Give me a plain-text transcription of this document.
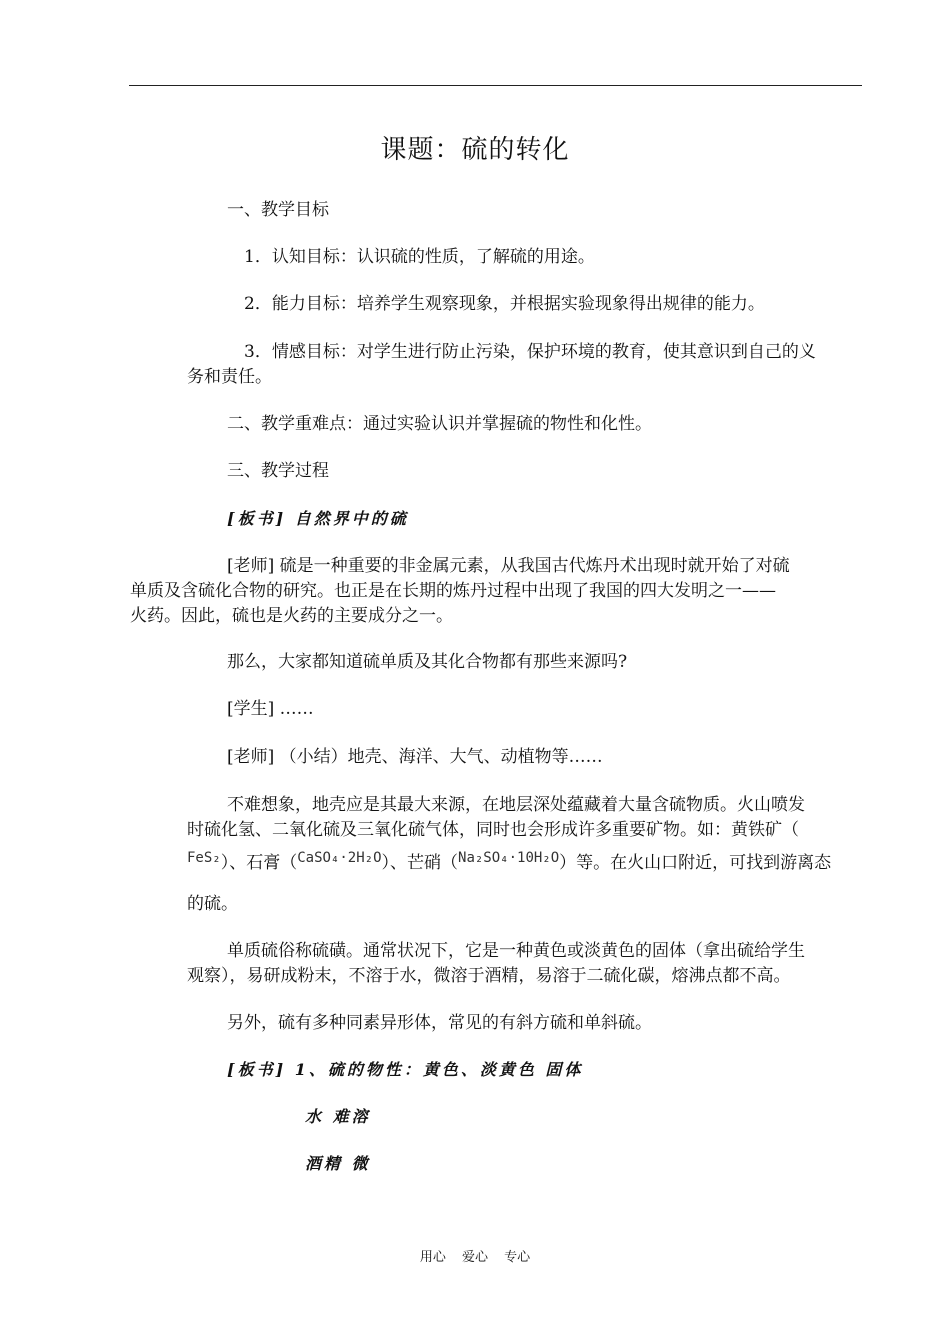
课题：硫的转化
一、教学目标
1．认知目标：认识硫的性质，了解硫的用途。
2．能力目标：培养学生观察现象，并根据实验现象得出规律的能力。
3．情感目标：对学生进行防止污染，保护环境的教育，使其意识到自己的义
务和责任。
二、教学重难点：通过实验认识并掌握硫的物性和化性。
三、教学过程
[板书] 自然界中的硫
[老师] 硫是一种重要的非金属元素，从我国古代炼丹术出现时就开始了对硫
单质及含硫化合物的研究。也正是在长期的炼丹过程中出现了我国的四大发明之一——
火药。因此，硫也是火药的主要成分之一。
那么，大家都知道硫单质及其化合物都有那些来源吗?
[学生] ……
[老师] （小结）地壳、海洋、大气、动植物等……
不难想象，地壳应是其最大来源，在地层深处蕴藏着大量含硫物质。火山喷发
时硫化氢、二氧化硫及三氧化硫气体，同时也会形成许多重要矿物。如：黄铁矿（
$^{FeS_2}$）、石膏（$^{CaSO_4\cdot 2H_2O}$）、芒硝（$^{Na_2SO_4\cdot 10H_2O}$）等。在火山口附近，可找到游离态
的硫。
单质硫俗称硫磺。通常状况下，它是一种黄色或淡黄色的固体（拿出硫给学生
观察），易研成粉末，不溶于水，微溶于酒精，易溶于二硫化碳，熔沸点都不高。
另外，硫有多种同素异形体，常见的有斜方硫和单斜硫。
[板书] 1、硫的物性：黄色、淡黄色 固体
水 难溶
酒精 微
用心 爱心 专心
